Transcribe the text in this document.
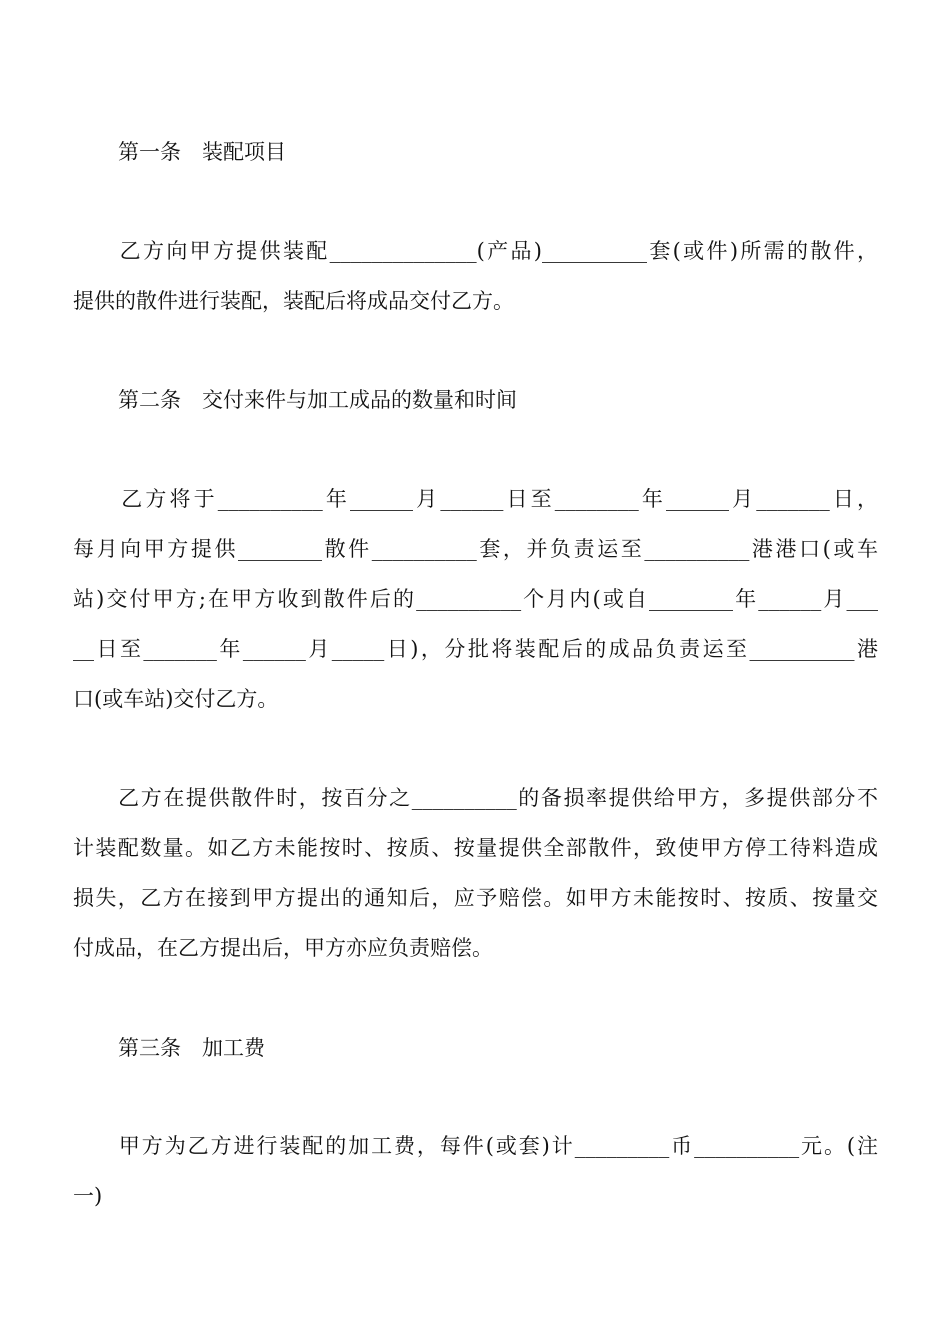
第一条　装配项目
　　乙方向甲方提供装配______________(产品)__________套(或件)所需的散件，
提供的散件进行装配，装配后将成品交付乙方。
第二条　交付来件与加工成品的数量和时间
　　乙方将于__________年______月______日至________年______月_______日，
每月向甲方提供________散件__________套，并负责运至__________港港口(或车
站)交付甲方;在甲方收到散件后的__________个月内(或自________年______月___
__日至_______年______月_____日)，分批将装配后的成品负责运至__________港
口(或车站)交付乙方。
　　乙方在提供散件时，按百分之__________的备损率提供给甲方，多提供部分不
计装配数量。如乙方未能按时、按质、按量提供全部散件，致使甲方停工待料造成
损失，乙方在接到甲方提出的通知后，应予赔偿。如甲方未能按时、按质、按量交
付成品，在乙方提出后，甲方亦应负责赔偿。
第三条　加工费
　　甲方为乙方进行装配的加工费，每件(或套)计_________币__________元。(注
一)
